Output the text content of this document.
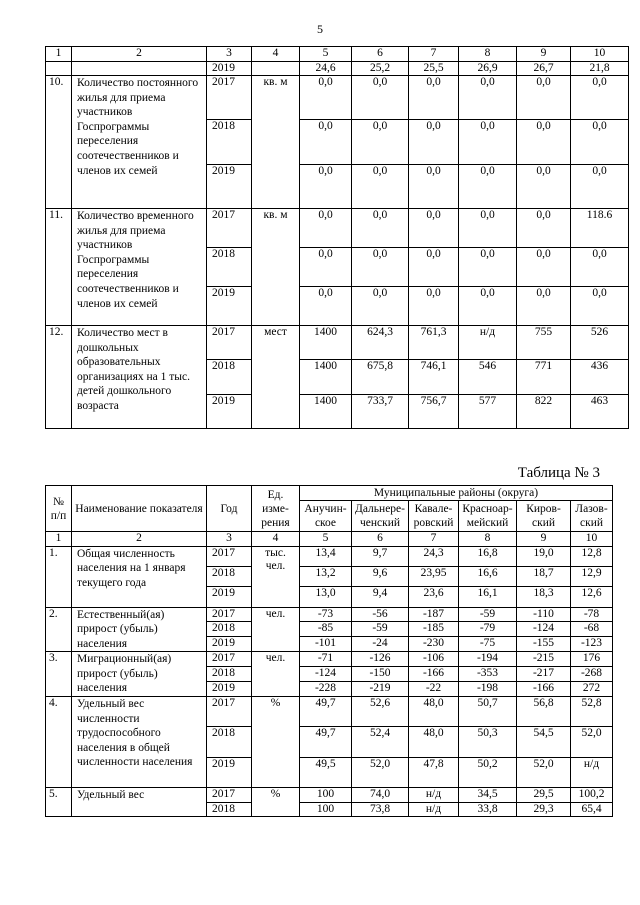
5
1	2	3	4	5	6	7	8	9	10
		2019		24,6	25,2	25,5	26,9	26,7	21,8
10.	Количество постоянного жилья для приема участников Госпрограммы переселения соотечественников и членов их семей	2017	кв. м	0,0	0,0	0,0	0,0	0,0	0,0
		2018		0,0	0,0	0,0	0,0	0,0	0,0
		2019		0,0	0,0	0,0	0,0	0,0	0,0
11.	Количество временного жилья для приема участников Госпрограммы переселения соотечественников и членов их семей	2017	кв. м	0,0	0,0	0,0	0,0	0,0	118.6
		2018		0,0	0,0	0,0	0,0	0,0	0,0
		2019		0,0	0,0	0,0	0,0	0,0	0,0
12.	Количество мест в дошкольных образовательных организациях на 1 тыс. детей дошкольного возраста	2017	мест	1400	624,3	761,3	н/д	755	526
		2018		1400	675,8	746,1	546	771	436
		2019		1400	733,7	756,7	577	822	463
Таблица № 3
№ п/п	Наименование показателя	Год	Ед. изме-рения	Муниципальные районы (округа)					
				Анучин-ское	Дальнере-ченский	Кавале-ровский	Красноар-мейский	Киров-ский	Лазов-ский
1	2	3	4	5	6	7	8	9	10
1.	Общая численность населения на 1 января текущего года	2017	тыс. чел.	13,4	9,7	24,3	16,8	19,0	12,8
		2018		13,2	9,6	23,95	16,6	18,7	12,9
		2019		13,0	9,4	23,6	16,1	18,3	12,6
2.	Естественный(ая) прирост (убыль) населения	2017	чел.	-73	-56	-187	-59	-110	-78
		2018		-85	-59	-185	-79	-124	-68
		2019		-101	-24	-230	-75	-155	-123
3.	Миграционный(ая) прирост (убыль) населения	2017	чел.	-71	-126	-106	-194	-215	176
		2018		-124	-150	-166	-353	-217	-268
		2019		-228	-219	-22	-198	-166	272
4.	Удельный вес численности трудоспособного населения в общей численности населения	2017	%	49,7	52,6	48,0	50,7	56,8	52,8
		2018		49,7	52,4	48,0	50,3	54,5	52,0
		2019		49,5	52,0	47,8	50,2	52,0	н/д
5.	Удельный вес	2017	%	100	74,0	н/д	34,5	29,5	100,2
		2018		100	73,8	н/д	33,8	29,3	65,4
